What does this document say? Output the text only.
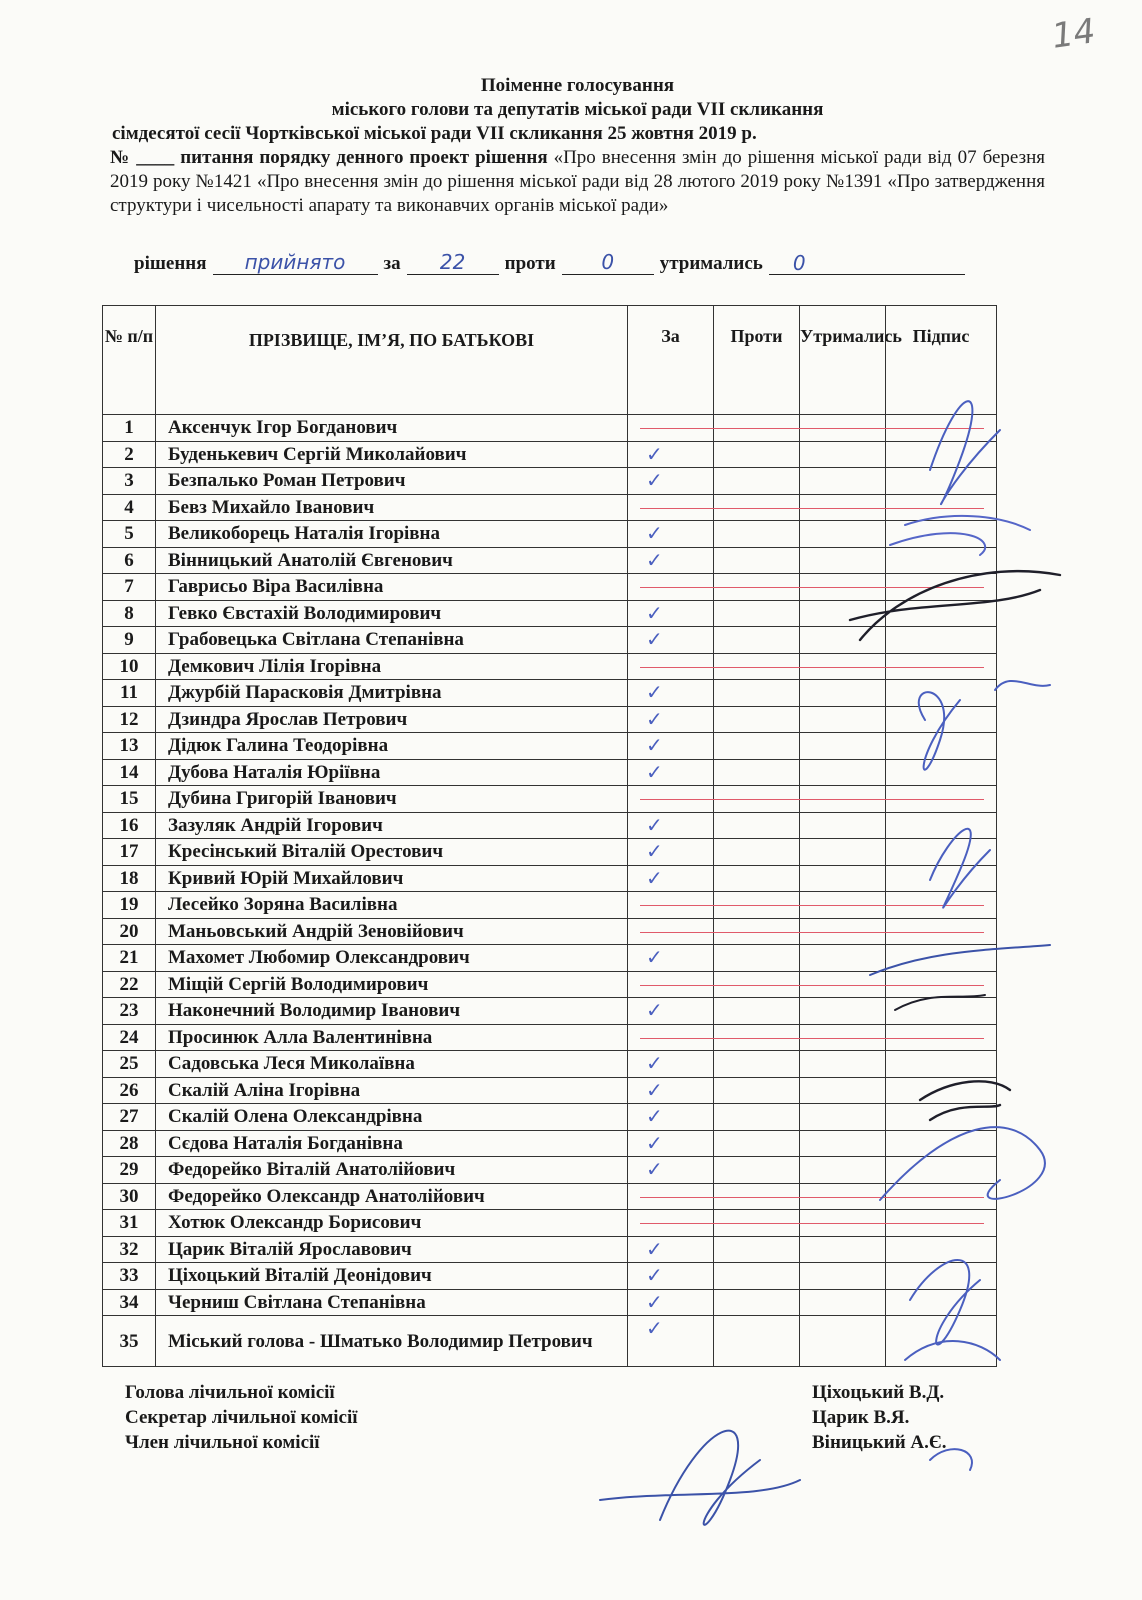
14
Поіменне голосування
міського голови та депутатів міської ради VII скликання
сімдесятої сесії Чортківської міської ради VII скликання 25 жовтня 2019 р.
№ ____ питання порядку денного проект рішення «Про внесення змін до рішення міської ради від 07 березня 2019 року №1421 «Про внесення змін до рішення міської ради від 28 лютого 2019 року №1391 «Про затвердження структури і чисельності апарату та виконавчих органів міської ради»
рішення	прийнято	за	22	проти	0	утримались	0
№ п/п	ПРІЗВИЩЕ, ІМ’Я, ПО БАТЬКОВІ	За	Проти	Утримались	Підпис
1	Аксенчук Ігор Богданович				
2	Буденькевич Сергій Миколайович	✓			

3	Безпалько Роман Петрович	✓			

4	Бевз Михайло Іванович				
5	Великоборець Наталія Ігорівна	✓			

6	Вінницький Анатолій Євгенович	✓			

7	Гаврисьо Віра Василівна				
8	Гевко Євстахій Володимирович	✓			

9	Грабовецька Світлана Степанівна	✓			

10	Демкович Лілія Ігорівна				
11	Джурбій Парасковія Дмитрівна	✓			

12	Дзиндра Ярослав Петрович	✓			

13	Дідюк Галина Теодорівна	✓			

14	Дубова Наталія Юріївна	✓			

15	Дубина Григорій Іванович				
16	Зазуляк Андрій Ігорович	✓			

17	Кресінський Віталій Орестович	✓			

18	Кривий Юрій Михайлович	✓			

19	Лесейко Зоряна Василівна				
20	Маньовський Андрій Зеновійович				
21	Махомет Любомир Олександрович	✓			

22	Міщій Сергій Володимирович				
23	Наконечний Володимир Іванович	✓			

24	Просинюк Алла Валентинівна				
25	Садовська Леся Миколаївна	✓			

26	Скалій Аліна Ігорівна	✓			

27	Скалій Олена Олександрівна	✓			

28	Сєдова Наталія Богданівна	✓			

29	Федорейко Віталій Анатолійович	✓			

30	Федорейко Олександр Анатолійович				
31	Хотюк Олександр Борисович				
32	Царик Віталій Ярославович	✓			

33	Ціхоцький Віталій Деонідович	✓			

34	Черниш Світлана Степанівна	✓			

35	Міський голова - Шматько Володимир Петрович	✓			

Голова лічильної комісії
Секретар лічильної комісії
Член лічильної комісії
Ціхоцький В.Д.
Царик В.Я.
Віницький А.Є.
